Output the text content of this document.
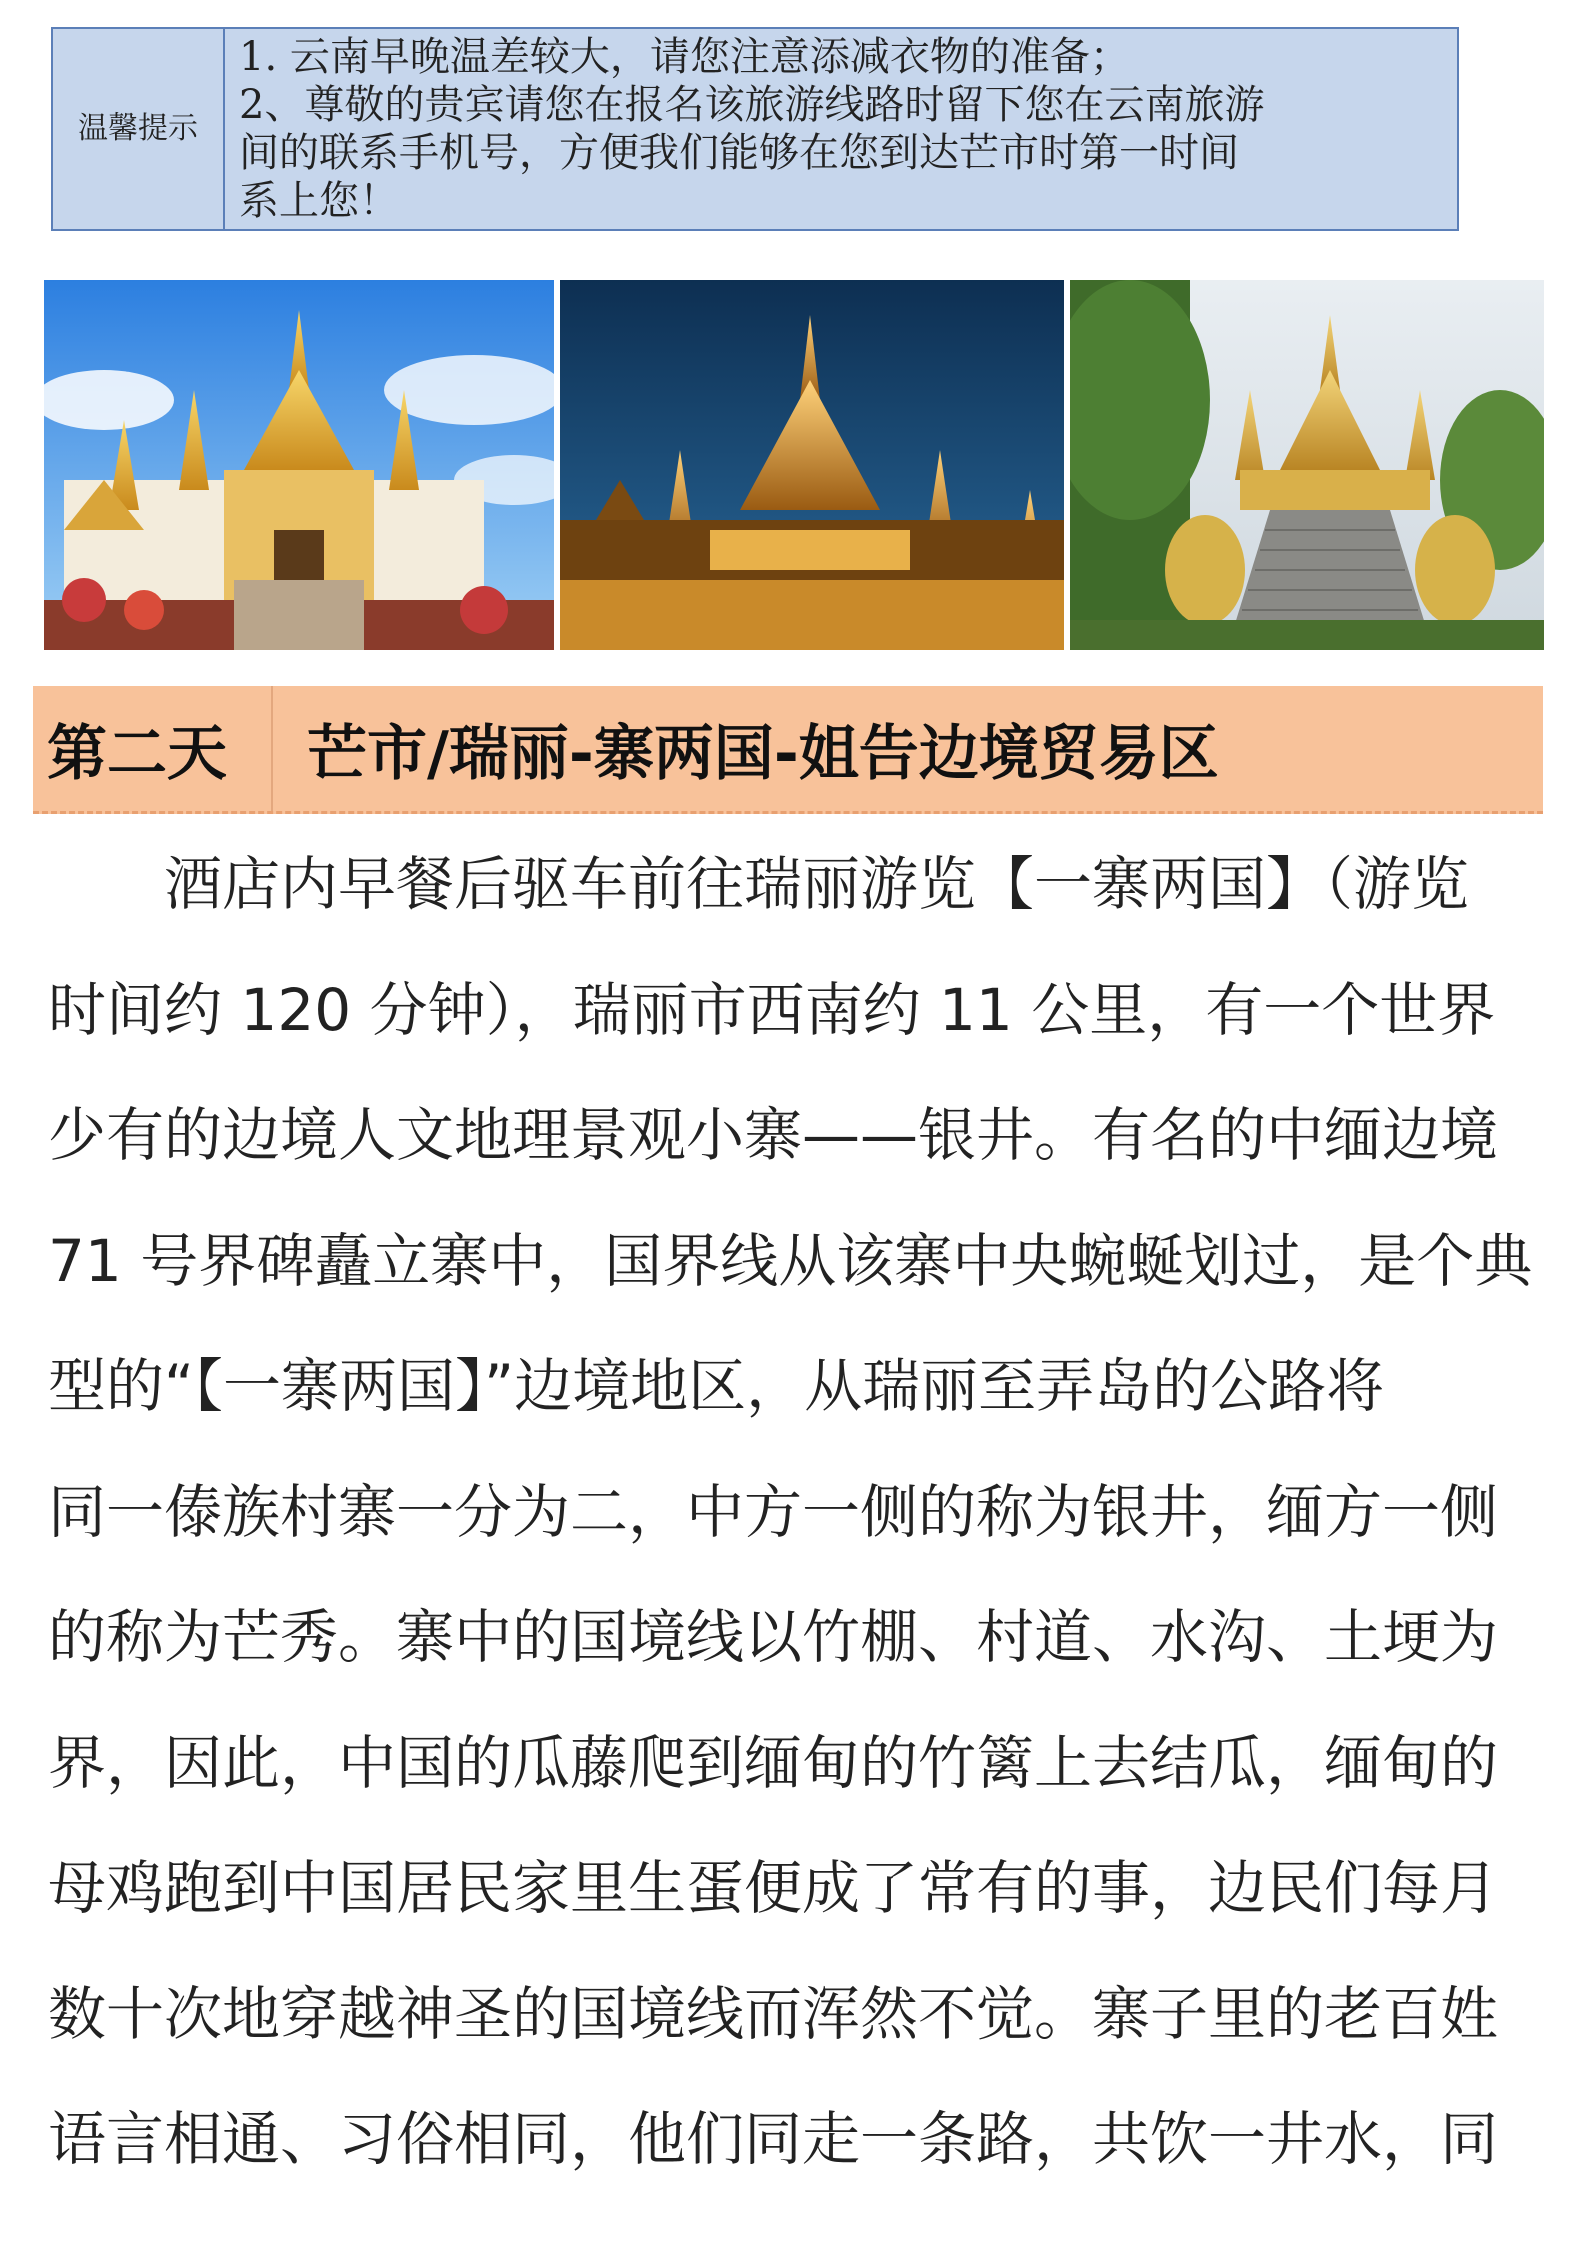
温馨提示

1. 云南早晚温差较大，请您注意添减衣物的准备；

2、尊敬的贵宾请您在报名该旅游线路时留下您在云南旅游

间的联系手机号，方便我们能够在您到达芒市时第一时间

系上您！

第二天	芒市/瑞丽-寨两国-姐告边境贸易区
　　酒店内早餐后驱车前往瑞丽游览【一寨两国】（游览
时间约 120 分钟），瑞丽市西南约 11 公里，有一个世界
少有的边境人文地理景观小寨——银井。有名的中缅边境
71 号界碑矗立寨中，国界线从该寨中央蜿蜒划过，是个典
型的“【一寨两国】”边境地区，从瑞丽至弄岛的公路将
同一傣族村寨一分为二，中方一侧的称为银井，缅方一侧
的称为芒秀。寨中的国境线以竹棚、村道、水沟、土埂为
界，因此，中国的瓜藤爬到缅甸的竹篱上去结瓜，缅甸的
母鸡跑到中国居民家里生蛋便成了常有的事，边民们每月
数十次地穿越神圣的国境线而浑然不觉。寨子里的老百姓
语言相通、习俗相同，他们同走一条路，共饮一井水，同
